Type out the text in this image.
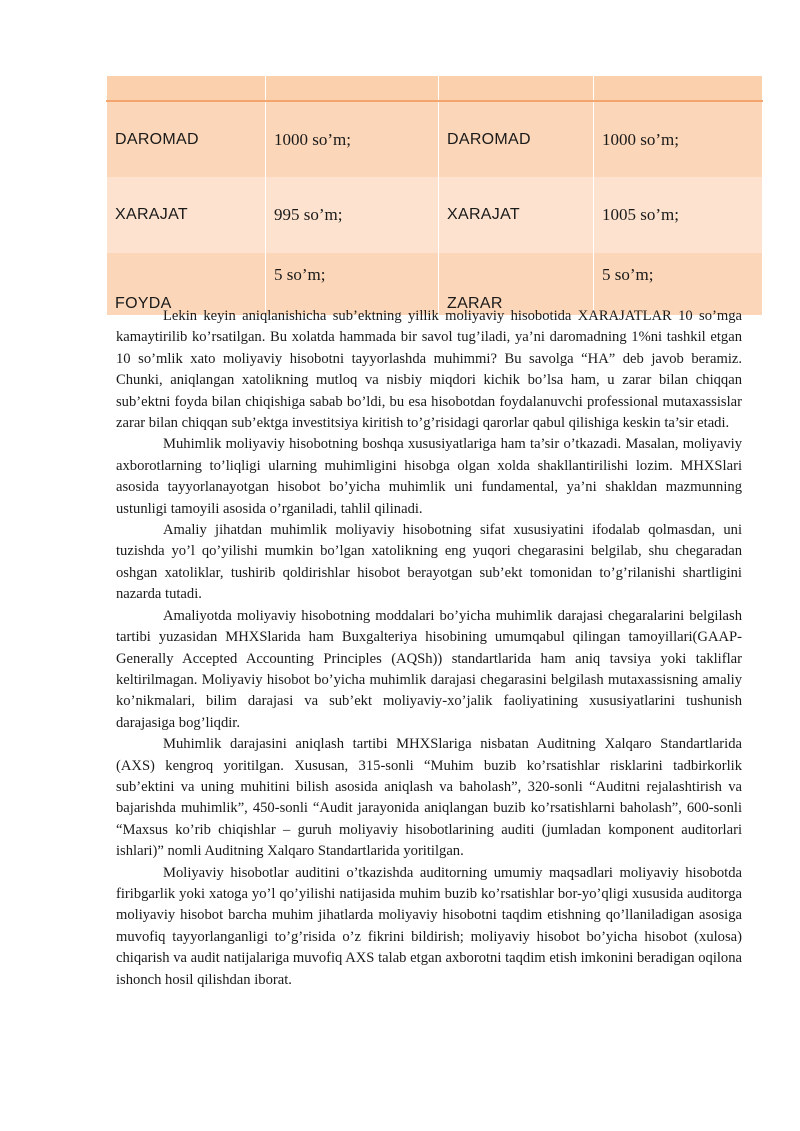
DAROMAD	1000 so’m;	DAROMAD	1000 so’m;
XARAJAT	995 so’m;	XARAJAT	1005 so’m;
FOYDA	5 so’m;	ZARAR	5 so’m;

Lekin keyin aniqlanishicha sub’ektning yillik moliyaviy hisobotida XARAJATLAR 10 so’mga kamaytirilib ko’rsatilgan. Bu xolatda hammada bir savol tug’iladi, ya’ni daromadning 1%ni tashkil etgan 10 so’mlik xato moliyaviy hisobotni tayyorlashda muhimmi? Bu savolga “HA” deb javob beramiz. Chunki, aniqlangan xatolikning mutloq va nisbiy miqdori kichik bo’lsa ham, u zarar bilan chiqqan sub’ektni foyda bilan chiqishiga sabab bo’ldi, bu esa hisobotdan foydalanuvchi professional mutaxassislar zarar bilan chiqqan sub’ektga investitsiya kiritish to’g’risidagi qarorlar qabul qilishiga keskin ta’sir etadi.

Muhimlik moliyaviy hisobotning boshqa xususiyatlariga ham ta’sir o’tkazadi. Masalan, moliyaviy axborotlarning to’liqligi ularning muhimligini hisobga olgan xolda shakllantirilishi lozim. MHXSlari asosida tayyorlanayotgan hisobot bo’yicha muhimlik uni fundamental, ya’ni shakldan mazmunning ustunligi tamoyili asosida o’rganiladi, tahlil qilinadi.

Amaliy jihatdan muhimlik moliyaviy hisobotning sifat xususiyatini ifodalab qolmasdan, uni tuzishda yo’l qo’yilishi mumkin bo’lgan xatolikning eng yuqori chegarasini belgilab, shu chegaradan oshgan xatoliklar, tushirib qoldirishlar hisobot berayotgan sub’ekt tomonidan to’g’rilanishi shartligini nazarda tutadi.

Amaliyotda moliyaviy hisobotning moddalari bo’yicha muhimlik darajasi chegaralarini belgilash tartibi yuzasidan MHXSlarida ham Buxgalteriya hisobining umumqabul qilingan tamoyillari(GAAP-Generally Accepted Accounting Principles (AQSh)) standartlarida ham aniq tavsiya yoki takliflar keltirilmagan. Moliyaviy hisobot bo’yicha muhimlik darajasi chegarasini belgilash mutaxassisning amaliy ko’nikmalari, bilim darajasi va sub’ekt moliyaviy-xo’jalik faoliyatining xususiyatlarini tushunish darajasiga bog’liqdir.

Muhimlik darajasini aniqlash tartibi MHXSlariga nisbatan Auditning Xalqaro Standartlarida (AXS) kengroq yoritilgan. Xususan, 315-sonli “Muhim buzib ko’rsatishlar risklarini tadbirkorlik sub’ektini va uning muhitini bilish asosida aniqlash va baholash”, 320-sonli “Auditni rejalashtirish va bajarishda muhimlik”, 450-sonli “Audit jarayonida aniqlangan buzib ko’rsatishlarni baholash”, 600-sonli “Maxsus ko’rib chiqishlar – guruh moliyaviy hisobotlarining auditi (jumladan komponent auditorlari ishlari)” nomli Auditning Xalqaro Standartlarida yoritilgan.

Moliyaviy hisobotlar auditini o’tkazishda auditorning umumiy maqsadlari moliyaviy hisobotda firibgarlik yoki xatoga yo’l qo’yilishi natijasida muhim buzib ko’rsatishlar bor-yo’qligi xususida auditorga moliyaviy hisobot barcha muhim jihatlarda moliyaviy hisobotni taqdim etishning qo’llaniladigan asosiga muvofiq tayyorlanganligi to’g’risida o’z fikrini bildirish; moliyaviy hisobot bo’yicha hisobot (xulosa) chiqarish va audit natijalariga muvofiq AXS talab etgan axborotni taqdim etish imkonini beradigan oqilona ishonch hosil qilishdan iborat.
